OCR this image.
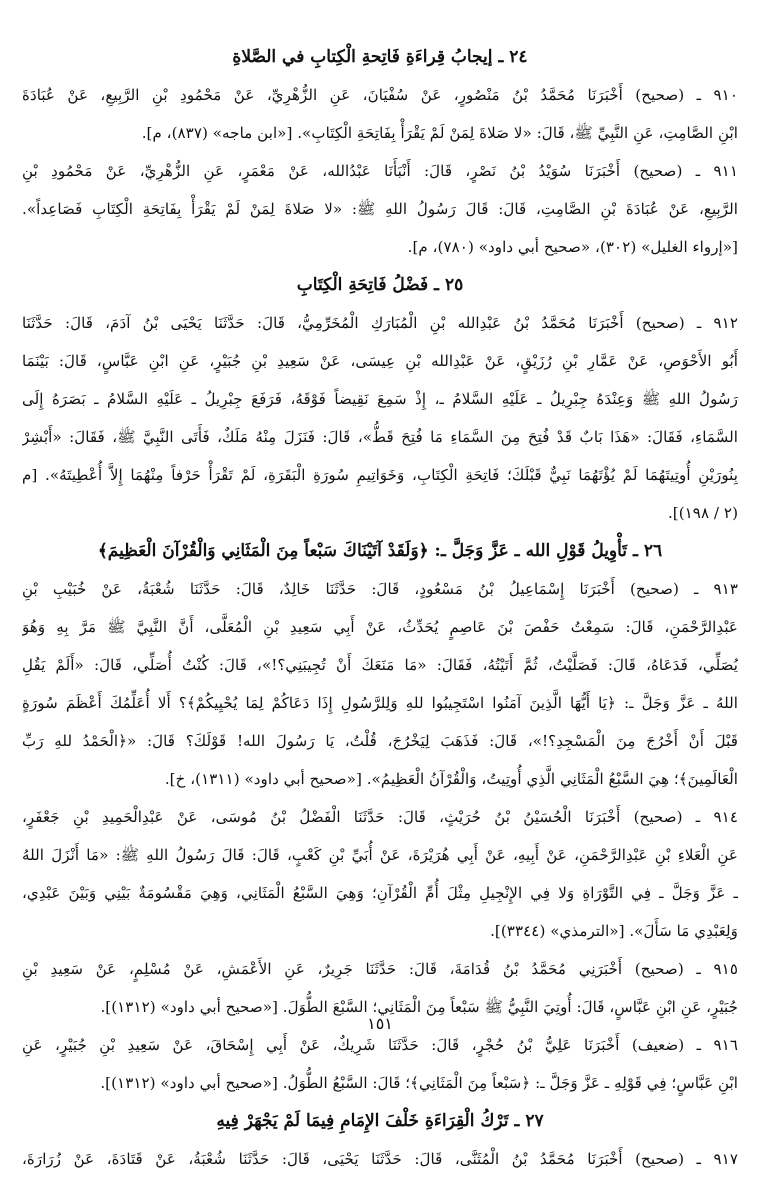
٢٤ ـ إيجابُ قِراءَةِ فَاتِحةِ الْكِتابِ في الصَّلاةِ
٩١٠ ـ (صحيح) أَخْبَرَنَا مُحَمَّدُ بْنُ مَنْصُورٍ، عَنْ سُفْيَانَ، عَنِ الزُّهْرِيِّ، عَنْ مَحْمُودِ بْنِ الرَّبِيعِ، عَنْ عُبَادَةَ
ابْنِ الصَّامِتِ، عَنِ النَّبِيِّ ﷺ، قَالَ: «لا صَلاةَ لِمَنْ لَمْ يَقْرَأْ بِفَاتِحَةِ الْكِتَابِ». [«ابن ماجه» (٨٣٧)، م].
٩١١ ـ (صحيح) أَخْبَرَنَا سُوَيْدُ بْنُ نَصْرٍ، قَالَ: أَنْبَأَنَا عَبْدُالله، عَنْ مَعْمَرٍ، عَنِ الزُّهْرِيِّ، عَنْ مَحْمُودِ بْنِ
الرَّبِيعِ، عَنْ عُبَادَةَ بْنِ الصَّامِتِ، قَالَ: قَالَ رَسُولُ اللهِ ﷺ: «لا صَلاةَ لِمَنْ لَمْ يَقْرَأْ بِفَاتِحَةِ الْكِتَابِ فَصَاعِداً».
[«إرواء الغليل» (٣٠٢)، «صحيح أبي داود» (٧٨٠)، م].
٢٥ ـ فَضْلُ فَاتِحَةِ الْكِتَابِ
٩١٢ ـ (صحيح) أَخْبَرَنَا مُحَمَّدُ بْنُ عَبْدِالله بْنِ الْمُبَارَكِ الْمُخَرِّمِيُّ، قَالَ: حَدَّثَنَا يَحْيَى بْنُ آدَمَ، قَالَ: حَدَّثَنَا
أَبُو الأَحْوَصِ، عَنْ عَمَّارِ بْنِ رُزَيْقٍ، عَنْ عَبْدِالله بْنِ عِيسَى، عَنْ سَعِيدِ بْنِ جُبَيْرٍ، عَنِ ابْنِ عَبَّاسٍ، قَالَ: بَيْنَمَا
رَسُولُ اللهِ ﷺ وَعِنْدَهُ جِبْرِيلُ ـ عَلَيْهِ السَّلامُ ـ، إِذْ سَمِعَ نَقِيضاً فَوْقَهُ، فَرَفَعَ جِبْرِيلُ ـ عَلَيْهِ السَّلامُ ـ بَصَرَهُ إِلَى
السَّمَاءِ، فَقَالَ: «هَذَا بَابٌ قَدْ فُتِحَ مِنَ السَّمَاءِ مَا فُتِحَ قَطُّ»، قَالَ: فَنَزَلَ مِنْهُ مَلَكٌ، فَأَتَى النَّبِيَّ ﷺ، فَقَالَ: «أَبْشِرْ
بِنُورَيْنِ أُوتِيتَهُمَا لَمْ يُؤْتَهُمَا نَبِيٌّ قَبْلَكَ؛ فَاتِحَةِ الْكِتَابِ، وَخَوَاتِيمِ سُورَةِ الْبَقَرَةِ، لَمْ تَقْرَأْ حَرْفاً مِنْهُمَا إِلاَّ أُعْطِيتَهُ». [م
(٢ / ١٩٨)].
٢٦ ـ تَأْوِيلُ قَوْلِ الله ـ عَزَّ وَجَلَّ ـ: ﴿وَلَقَدْ آتَيْنَاكَ سَبْعاً مِنَ الْمَثَانِي وَالْقُرْآنَ الْعَظِيمَ﴾
٩١٣ ـ (صحيح) أَخْبَرَنَا إِسْمَاعِيلُ بْنُ مَسْعُودٍ، قَالَ: حَدَّثَنَا خَالِدٌ، قَالَ: حَدَّثَنَا شُعْبَةُ، عَنْ خُبَيْبِ بْنِ
عَبْدِالرَّحْمَنِ، قَالَ: سَمِعْتُ حَفْصَ بْنَ عَاصِمٍ يُحَدِّثُ، عَنْ أَبِي سَعِيدِ بْنِ الْمُعَلَّى، أَنَّ النَّبِيَّ ﷺ مَرَّ بِهِ وَهُوَ
يُصَلِّي، فَدَعَاهُ، قَالَ: فَصَلَّيْتُ، ثُمَّ أَتَيْتُهُ، فَقَالَ: «مَا مَنَعَكَ أَنْ تُجِيبَنِي؟!»، قَالَ: كُنْتُ أُصَلِّي، قَالَ: «أَلَمْ يَقُلِ
اللهُ ـ عَزَّ وَجَلَّ ـ: ﴿يَا أَيُّهَا الَّذِينَ آمَنُوا اسْتَجِيبُوا للهِ وَلِلرَّسُولِ إِذَا دَعَاكُمْ لِمَا يُحْيِيكُمْ﴾؟ أَلا أُعَلِّمُكَ أَعْظَمَ سُورَةٍ
قَبْلَ أَنْ أَخْرُجَ مِنَ الْمَسْجِدِ؟!»، قَالَ: فَذَهَبَ لِيَخْرُجَ، قُلْتُ، يَا رَسُولَ الله! قَوْلَكَ؟ قَالَ: «﴿الْحَمْدُ للهِ رَبِّ
الْعَالَمِينَ﴾؛ هِيَ السَّبْعُ الْمَثَانِي الَّذِي أُوتِيتُ، وَالْقُرْآنُ الْعَظِيمُ». [«صحيح أبي داود» (١٣١١)، خ].
٩١٤ ـ (صحيح) أَخْبَرَنَا الْحُسَيْنُ بْنُ حُرَيْثٍ، قَالَ: حَدَّثَنَا الْفَضْلُ بْنُ مُوسَى، عَنْ عَبْدِالْحَمِيدِ بْنِ جَعْفَرٍ،
عَنِ الْعَلاءِ بْنِ عَبْدِالرَّحْمَنِ، عَنْ أَبِيهِ، عَنْ أَبِي هُرَيْرَةَ، عَنْ أُبَيِّ بْنِ كَعْبٍ، قَالَ: قَالَ رَسُولُ اللهِ ﷺ: «مَا أَنْزَلَ اللهُ
ـ عَزَّ وَجَلَّ ـ فِي التَّوْرَاةِ وَلا فِي الإِنْجِيلِ مِثْلَ أُمِّ الْقُرْآنِ؛ وَهِيَ السَّبْعُ الْمَثَانِي، وَهِيَ مَقْسُومَةٌ بَيْنِي وَبَيْنَ عَبْدِي،
وَلِعَبْدِي مَا سَأَلَ». [«الترمذي» (٣٣٤٤)].
٩١٥ ـ (صحيح) أَخْبَرَنِي مُحَمَّدُ بْنُ قُدَامَةَ، قَالَ: حَدَّثَنَا جَرِيرٌ، عَنِ الأَعْمَشِ، عَنْ مُسْلِمٍ، عَنْ سَعِيدِ بْنِ
جُبَيْرٍ، عَنِ ابْنِ عَبَّاسٍ، قَالَ: أُوتِيَ النَّبِيُّ ﷺ سَبْعاً مِنَ الْمَثَانِي؛ السَّبْعَ الطُّوَلَ. [«صحيح أبي داود» (١٣١٢)].
٩١٦ ـ (ضعيف) أَخْبَرَنَا عَلِيُّ بْنُ حُجْرٍ، قَالَ: حَدَّثَنَا شَرِيكٌ، عَنْ أَبِي إِسْحَاقَ، عَنْ سَعِيدِ بْنِ جُبَيْرٍ، عَنِ
ابْنِ عَبَّاسٍ؛ فِي قَوْلِهِ ـ عَزَّ وَجَلَّ ـ: ﴿سَبْعاً مِنَ الْمَثَانِي﴾؛ قَالَ: السَّبْعُ الطُّوَلُ. [«صحيح أبي داود» (١٣١٢)].
٢٧ ـ تَرْكُ الْقِرَاءَةِ خَلْفَ الإِمَامِ فِيمَا لَمْ يَجْهَرْ فِيهِ
٩١٧ ـ (صحيح) أَخْبَرَنَا مُحَمَّدُ بْنُ الْمُثَنَّى، قَالَ: حَدَّثَنَا يَحْيَى، قَالَ: حَدَّثَنَا شُعْبَةُ، عَنْ قَتَادَةَ، عَنْ زُرَارَةَ،
١٥١
